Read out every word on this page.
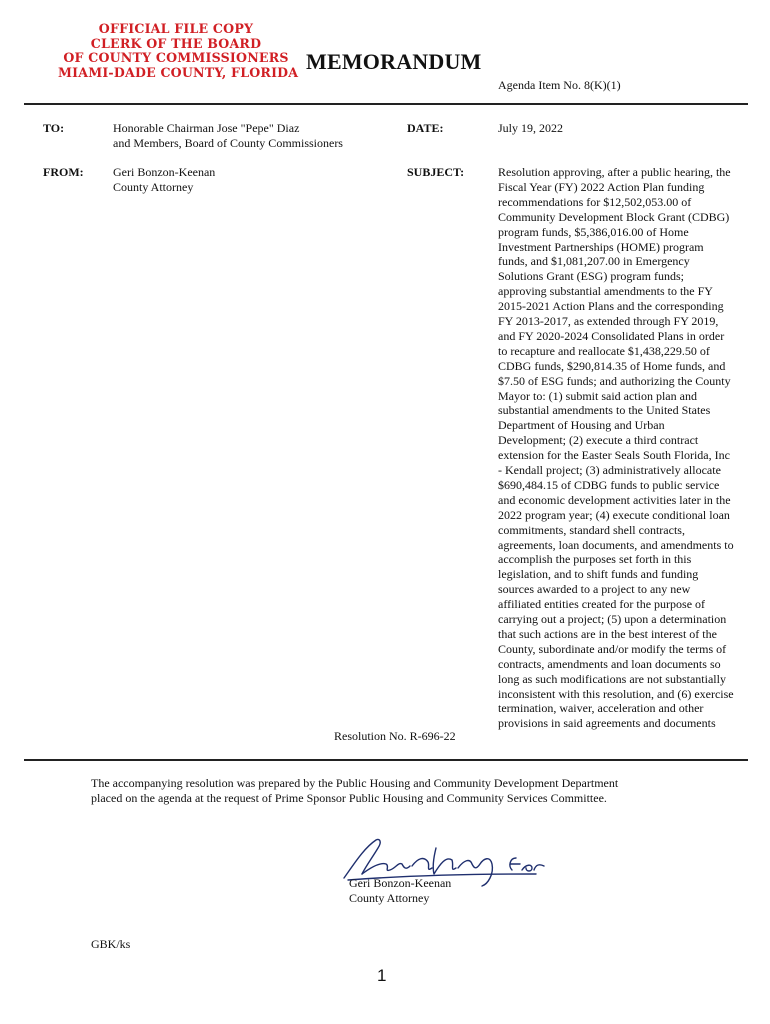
OFFICIAL FILE COPY
CLERK OF THE BOARD
OF COUNTY COMMISSIONERS
MIAMI-DADE COUNTY, FLORIDA MEMORANDUM
Agenda Item No. 8(K)(1)
TO:	Honorable Chairman Jose "Pepe" Diaz
and Members, Board of County Commissioners
DATE:	July 19, 2022
FROM: Geri Bonzon-Keenan
County Attorney
SUBJECT:	Resolution approving, after a public hearing, the
Fiscal Year (FY) 2022 Action Plan funding
recommendations for $12,502,053.00 of
Community Development Block Grant (CDBG)
program funds, $5,386,016.00 of Home
Investment Partnerships (HOME) program
funds, and $1,081,207.00 in Emergency
Solutions Grant (ESG) program funds;
approving substantial amendments to the FY
2015-2021 Action Plans and the corresponding
FY 2013-2017, as extended through FY 2019,
and FY 2020-2024 Consolidated Plans in order
to recapture and reallocate $1,438,229.50 of
CDBG funds, $290,814.35 of Home funds, and
$7.50 of ESG funds; and authorizing the County
Mayor to: (1) submit said action plan and
substantial amendments to the United States
Department of Housing and Urban
Development; (2) execute a third contract
extension for the Easter Seals South Florida, Inc
- Kendall project; (3) administratively allocate
$690,484.15 of CDBG funds to public service
and economic development activities later in the
2022 program year; (4) execute conditional loan
commitments, standard shell contracts,
agreements, loan documents, and amendments to
accomplish the purposes set forth in this
legislation, and to shift funds and funding
sources awarded to a project to any new
affiliated entities created for the purpose of
carrying out a project; (5) upon a determination
that such actions are in the best interest of the
County, subordinate and/or modify the terms of
contracts, amendments and loan documents so
long as such modifications are not substantially
inconsistent with this resolution, and (6) exercise
termination, waiver, acceleration and other
provisions in said agreements and documents
Resolution No. R-696-22
The accompanying resolution was prepared by the Public Housing and Community Development Department
placed on the agenda at the request of Prime Sponsor Public Housing and Community Services Committee.
Geri Bonzon-Keenan
County Attorney
GBK/ks
1
